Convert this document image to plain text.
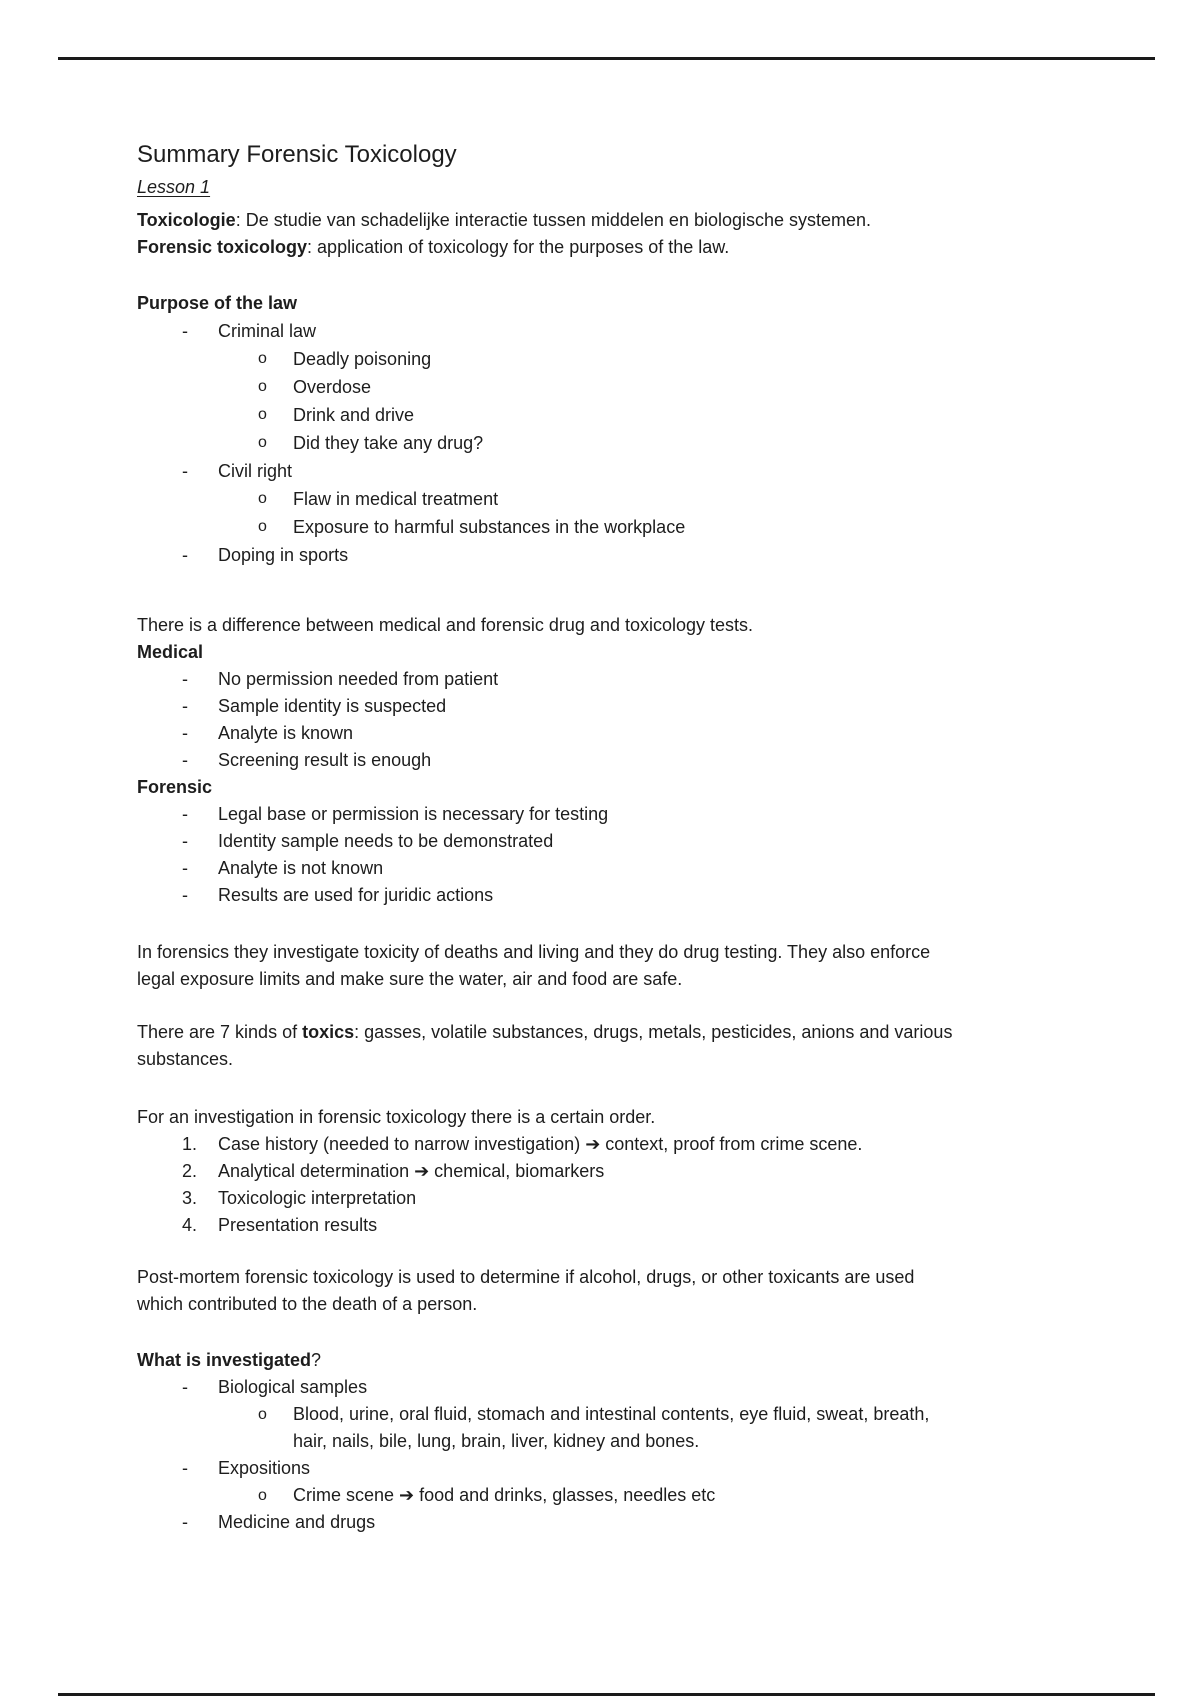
Summary Forensic Toxicology
Lesson 1
Toxicologie: De studie van schadelijke interactie tussen middelen en biologische systemen.
Forensic toxicology: application of toxicology for the purposes of the law.
Purpose of the law
-	Criminal law
o	Deadly poisoning
o	Overdose
o	Drink and drive
o	Did they take any drug?
-	Civil right
o	Flaw in medical treatment
o	Exposure to harmful substances in the workplace
-	Doping in sports
There is a difference between medical and forensic drug and toxicology tests.
Medical
-	No permission needed from patient
-	Sample identity is suspected
-	Analyte is known
-	Screening result is enough
Forensic
-	Legal base or permission is necessary for testing
-	Identity sample needs to be demonstrated
-	Analyte is not known
-	Results are used for juridic actions
In forensics they investigate toxicity of deaths and living and they do drug testing. They also enforce
legal exposure limits and make sure the water, air and food are safe.
There are 7 kinds of toxics: gasses, volatile substances, drugs, metals, pesticides, anions and various
substances.
For an investigation in forensic toxicology there is a certain order.
1.	Case history (needed to narrow investigation) ➔ context, proof from crime scene.
2.	Analytical determination ➔ chemical, biomarkers
3.	Toxicologic interpretation
4.	Presentation results
Post-mortem forensic toxicology is used to determine if alcohol, drugs, or other toxicants are used
which contributed to the death of a person.
What is investigated?
-	Biological samples
o	Blood, urine, oral fluid, stomach and intestinal contents, eye fluid, sweat, breath,
hair, nails, bile, lung, brain, liver, kidney and bones.
-	Expositions
o	Crime scene ➔ food and drinks, glasses, needles etc
-	Medicine and drugs
